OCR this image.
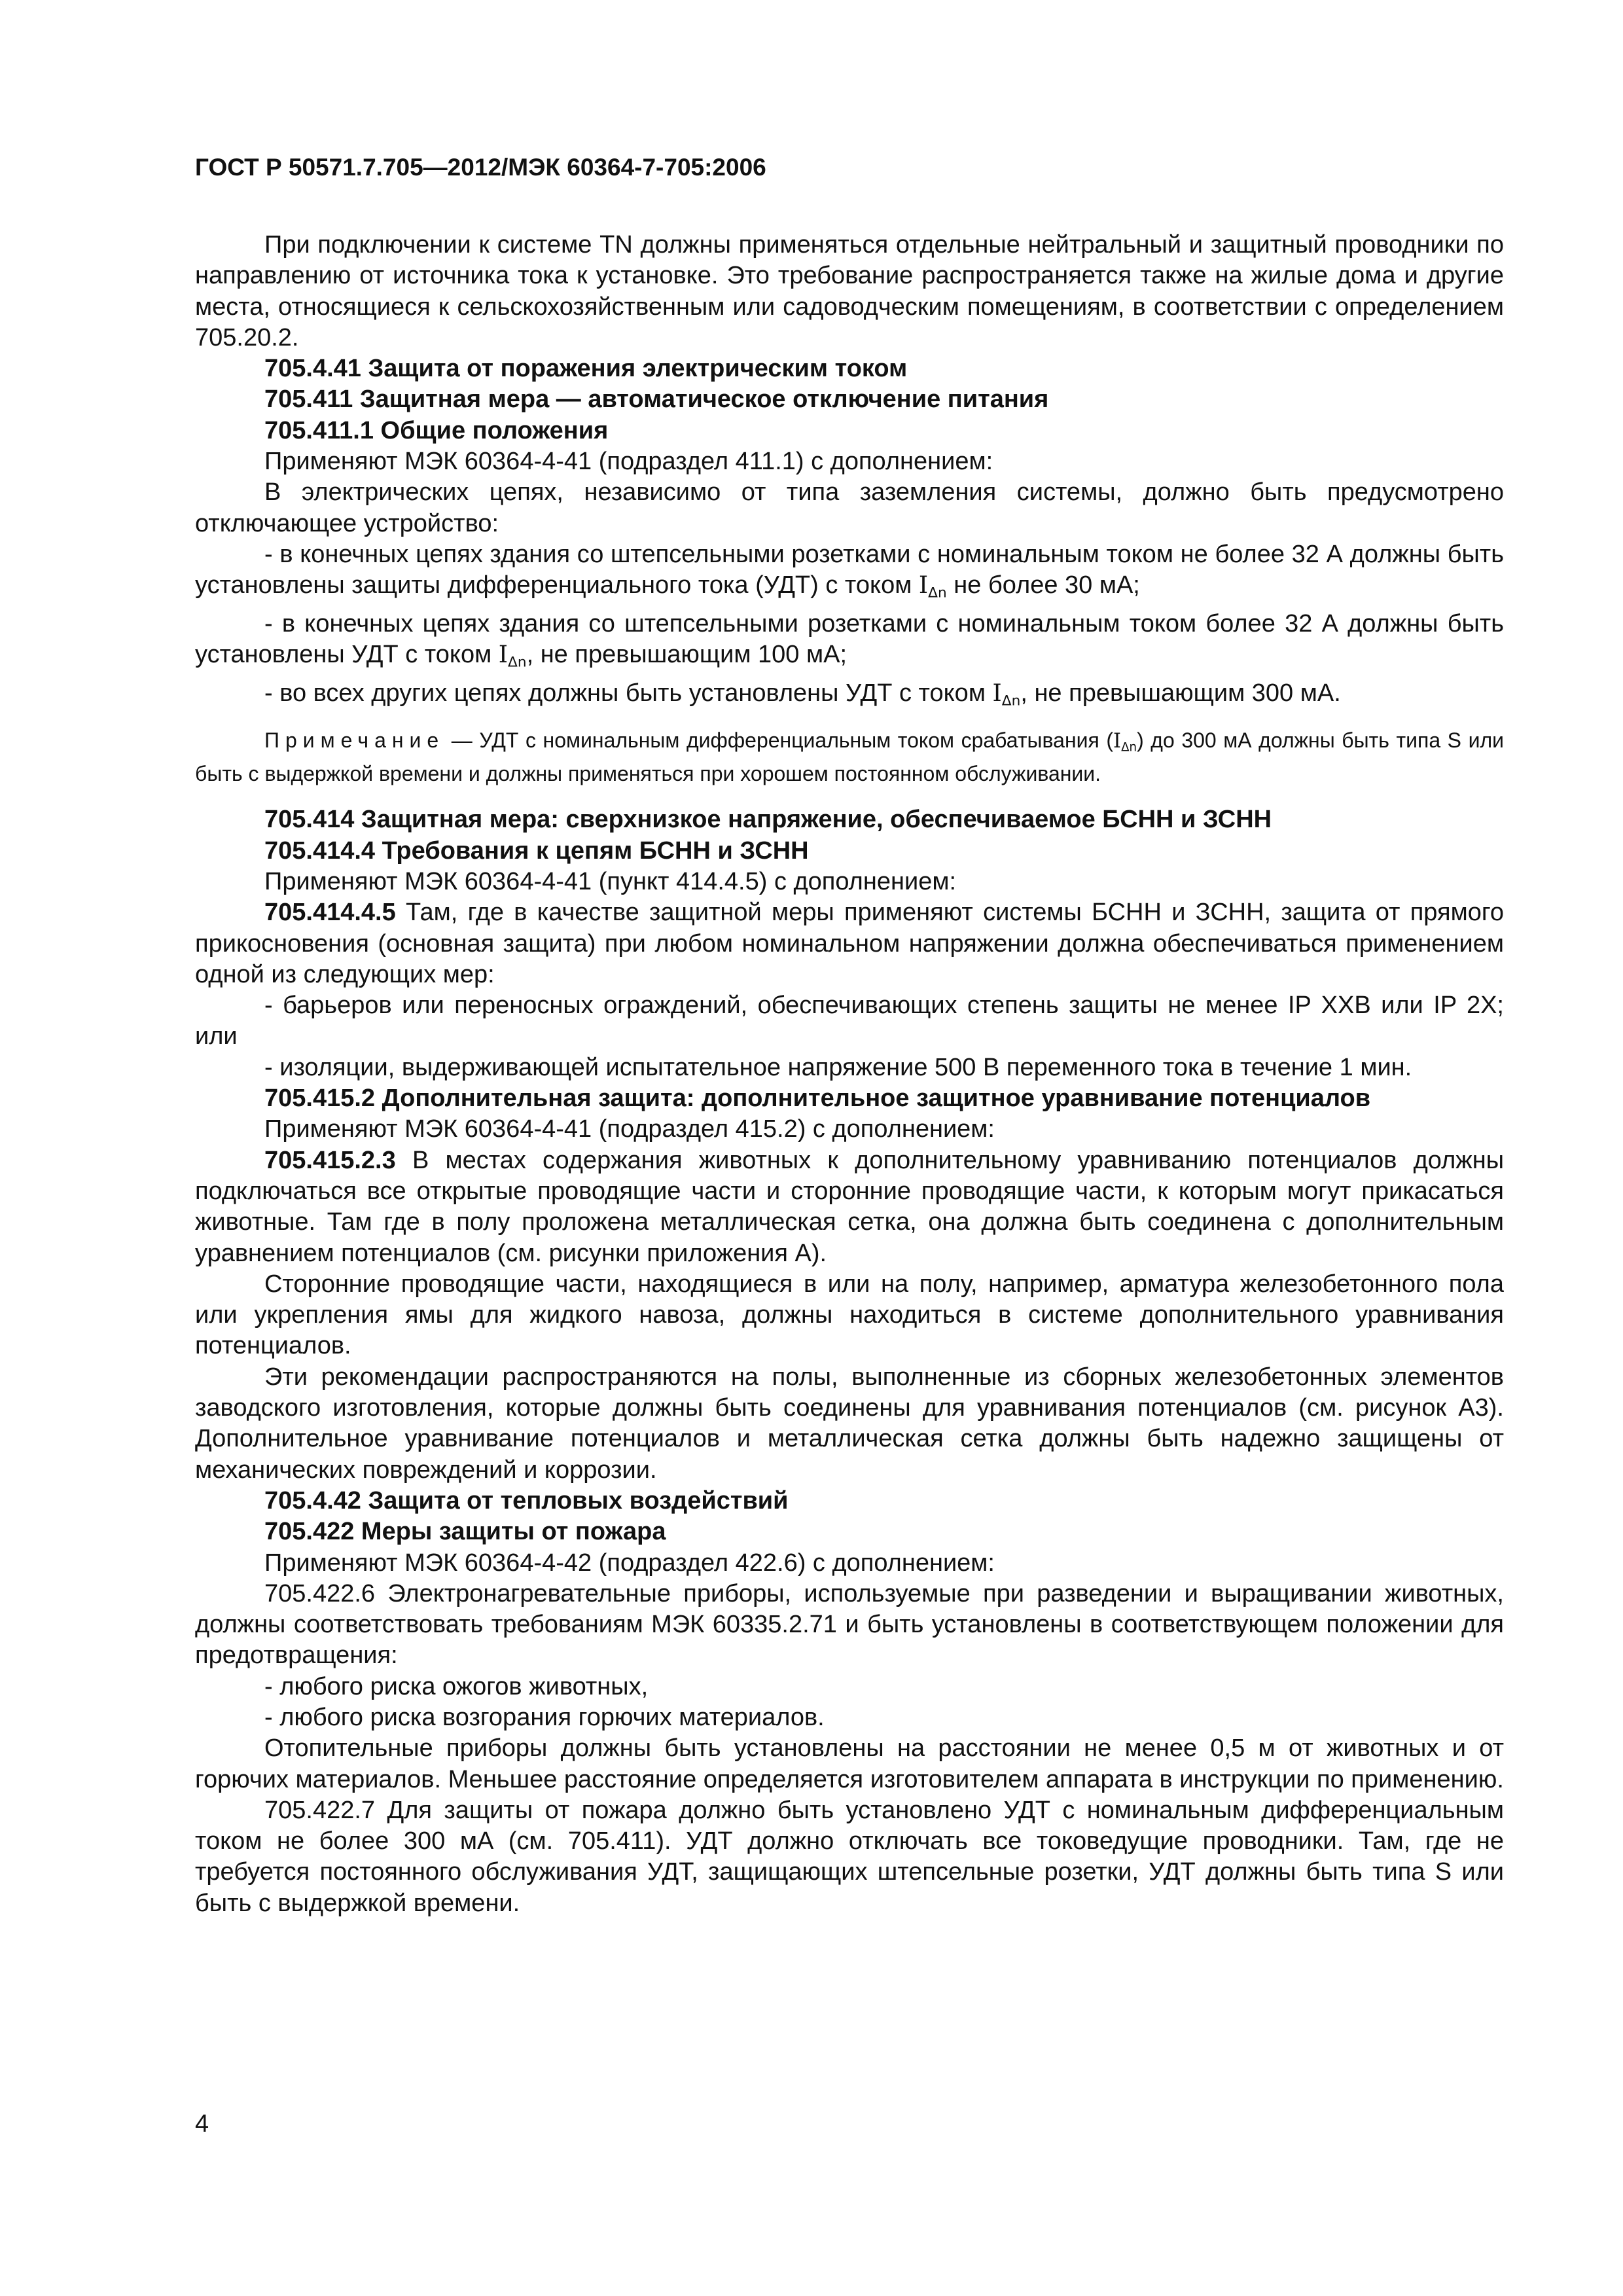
ГОСТ Р 50571.7.705—2012/МЭК 60364-7-705:2006

При подключении к системе TN должны применяться отдельные нейтральный и защитный проводники по направлению от источника тока к установке. Это требование распространяется также на жилые дома и другие места, относящиеся к сельскохозяйственным или садоводческим помещениям, в соответствии с определением 705.20.2.

705.4.41 Защита от поражения электрическим током

705.411 Защитная мера — автоматическое отключение питания

705.411.1 Общие положения

Применяют МЭК 60364-4-41 (подраздел 411.1) с дополнением:

В электрических цепях, независимо от типа заземления системы, должно быть предусмотрено отключающее устройство:

- в конечных цепях здания со штепсельными розетками с номинальным током не более 32 А должны быть установлены защиты дифференциального тока (УДТ) с током $I_{\Delta n}$ не более 30 мА;

- в конечных цепях здания со штепсельными розетками с номинальным током более 32 А должны быть установлены УДТ с током $I_{\Delta n}$, не превышающим 100 мА;

- во всех других цепях должны быть установлены УДТ с током $I_{\Delta n}$, не превышающим 300 мА.

Примечание — УДТ с номинальным дифференциальным током срабатывания $(I_{\Delta n})$ до 300 мА должны быть типа S или быть с выдержкой времени и должны применяться при хорошем постоянном обслуживании.

705.414 Защитная мера: сверхнизкое напряжение, обеспечиваемое БСНН и ЗСНН

705.414.4 Требования к цепям БСНН и ЗСНН

Применяют МЭК 60364-4-41 (пункт 414.4.5) с дополнением:

705.414.4.5 Там, где в качестве защитной меры применяют системы БСНН и ЗСНН, защита от прямого прикосновения (основная защита) при любом номинальном напряжении должна обеспечиваться применением одной из следующих мер:

- барьеров или переносных ограждений, обеспечивающих степень защиты не менее IP XXB или IP 2X; или

- изоляции, выдерживающей испытательное напряжение 500 В переменного тока в течение 1 мин.

705.415.2 Дополнительная защита: дополнительное защитное уравнивание потенциалов

Применяют МЭК 60364-4-41 (подраздел 415.2) с дополнением:

705.415.2.3 В местах содержания животных к дополнительному уравниванию потенциалов должны подключаться все открытые проводящие части и сторонние проводящие части, к которым могут прикасаться животные. Там где в полу проложена металлическая сетка, она должна быть соединена с дополнительным уравнением потенциалов (см. рисунки приложения А).

Сторонние проводящие части, находящиеся в или на полу, например, арматура железобетонного пола или укрепления ямы для жидкого навоза, должны находиться в системе дополнительного уравнивания потенциалов.

Эти рекомендации распространяются на полы, выполненные из сборных железобетонных элементов заводского изготовления, которые должны быть соединены для уравнивания потенциалов (см. рисунок А3). Дополнительное уравнивание потенциалов и металлическая сетка должны быть надежно защищены от механических повреждений и коррозии.

705.4.42 Защита от тепловых воздействий

705.422 Меры защиты от пожара

Применяют МЭК 60364-4-42 (подраздел 422.6) с дополнением:

705.422.6 Электронагревательные приборы, используемые при разведении и выращивании животных, должны соответствовать требованиям МЭК 60335.2.71 и быть установлены в соответствующем положении для предотвращения:

- любого риска ожогов животных,

- любого риска возгорания горючих материалов.

Отопительные приборы должны быть установлены на расстоянии не менее 0,5 м от животных и от горючих материалов. Меньшее расстояние определяется изготовителем аппарата в инструкции по применению.

705.422.7 Для защиты от пожара должно быть установлено УДТ с номинальным дифференциальным током не более 300 мА (см. 705.411). УДТ должно отключать все токоведущие проводники. Там, где не требуется постоянного обслуживания УДТ, защищающих штепсельные розетки, УДТ должны быть типа S или быть с выдержкой времени.

4
